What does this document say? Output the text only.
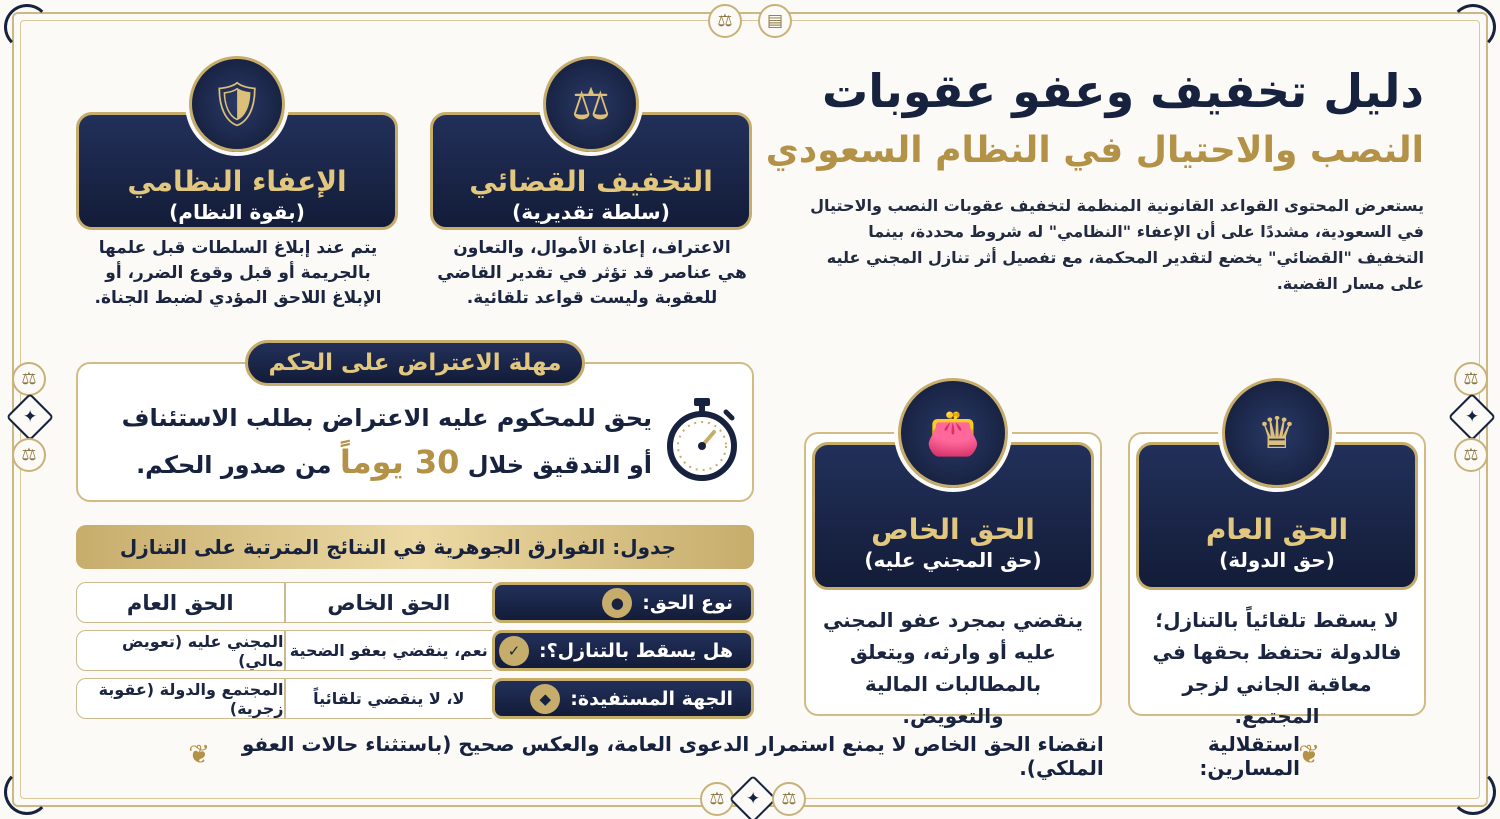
⚖ ▤
⚖ ✦ ⚖
⚖
✦
⚖
⚖
✦
⚖
دليل تخفيف وعفو عقوبات
النصب والاحتيال في النظام السعودي

يستعرض المحتوى القواعد القانونية المنظمة لتخفيف عقوبات النصب والاحتيال في السعودية، مشددًا على أن الإعفاء "النظامي" له شروط محددة، بينما التخفيف "القضائي" يخضع لتقدير المحكمة، مع تفصيل أثر تنازل المجني عليه على مسار القضية.

التخفيف القضائي
(سلطة تقديرية)
⚖

الاعتراف، إعادة الأموال، والتعاون هي عناصر قد تؤثر في تقدير القاضي للعقوبة وليست قواعد تلقائية.

الإعفاء النظامي
(بقوة النظام)
🛡

يتم عند إبلاغ السلطات قبل علمها بالجريمة أو قبل وقوع الضرر، أو الإبلاغ اللاحق المؤدي لضبط الجناة.

مهلة الاعتراض على الحكم
يحق للمحكوم عليه الاعتراض بطلب الاستئناف أو التدقيق خلال 30 يوماً من صدور الحكم.
الحق العام
(حق الدولة)
♛

لا يسقط تلقائياً بالتنازل؛ فالدولة تحتفظ بحقها في معاقبة الجاني لزجر المجتمع.

الحق الخاص
(حق المجني عليه)
👛

ينقضي بمجرد عفو المجني عليه أو وارثه، ويتعلق بالمطالبات المالية والتعويض.

جدول: الفوارق الجوهرية في النتائج المترتبة على التنازل
نوع الحق:
●
الحق الخاص
الحق العام
هل يسقط بالتنازل؟:
✓
نعم، ينقضي بعفو الضحية
المجني عليه (تعويض مالي)
الجهة المستفيدة:
◆
لا، لا ينقضي تلقائياً
المجتمع والدولة (عقوبة زجرية)
❦	❦
استقلالية المسارين:

انقضاء الحق الخاص لا يمنع استمرار الدعوى العامة، والعكس صحيح (باستثناء حالات العفو الملكي).
